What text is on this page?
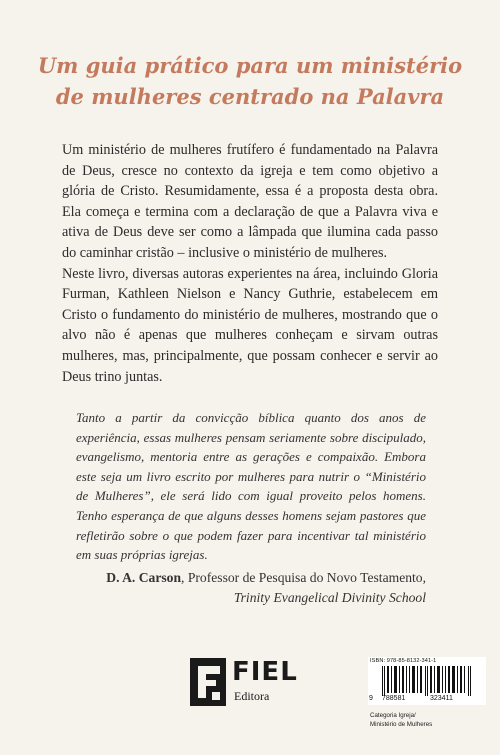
Um guia prático para um ministério
de mulheres centrado na Palavra

Um ministério de mulheres frutífero é fundamentado na Palavra de Deus, cresce no contexto da igreja e tem como objetivo a glória de Cristo. Resumidamente, essa é a proposta desta obra. Ela começa e termina com a declaração de que a Palavra viva e ativa de Deus deve ser como a lâmpada que ilumina cada passo do caminhar cristão – inclusive o ministério de mulheres.

Neste livro, diversas autoras experientes na área, incluindo Gloria Furman, Kathleen Nielson e Nancy Guthrie, estabelecem em Cristo o fundamento do ministério de mulheres, mostrando que o alvo não é apenas que mulheres conheçam e sirvam outras mulheres, mas, principalmente, que possam conhecer e servir ao Deus trino juntas.

Tanto a partir da convicção bíblica quanto dos anos de experiência, essas mulheres pensam seriamente sobre discipulado, evangelismo, mentoria entre as gerações e compaixão. Embora este seja um livro escrito por mulheres para nutrir o “Ministério de Mulheres”, ele será lido com igual proveito pelos homens. Tenho esperança de que alguns desses homens sejam pastores que refletirão sobre o que podem fazer para incentivar tal ministério em suas próprias igrejas.
D. A. Carson, Professor de Pesquisa do Novo Testamento,
Trinity Evangelical Divinity School
FIEL
Editora
ISBN: 978-85-8132-341-1
9 788581	323411
Categoria Igreja/
Ministério de Mulheres
